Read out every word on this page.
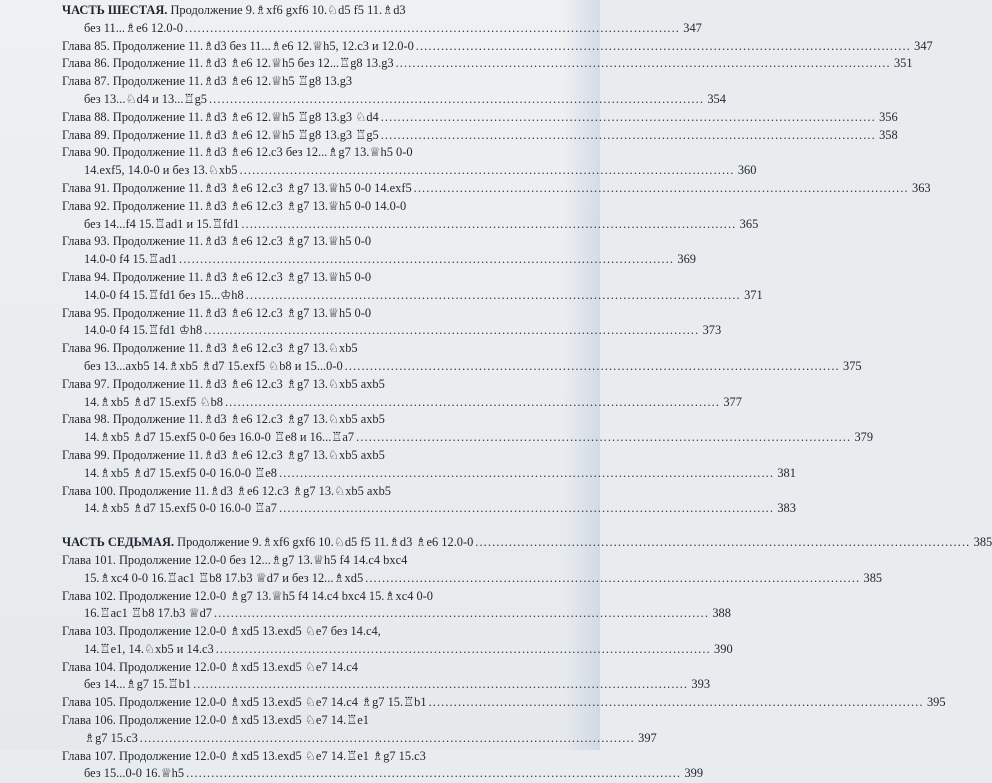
ЧАСТЬ ШЕСТАЯ. Продолжение 9.♗xf6 gxf6 10.♘d5 f5 11.♗d3
без 11...♗e6 12.0-0 . . .	347
Глава 85. Продолжение 11.♗d3 без 11...♗e6 12.♕h5, 12.c3 и 12.0-0 . . .	347
Глава 86. Продолжение 11.♗d3 ♗e6 12.♕h5 без 12...♖g8 13.g3 . . .	351
Глава 87. Продолжение 11.♗d3 ♗e6 12.♕h5 ♖g8 13.g3
без 13...♘d4 и 13...♖g5 . . .	354
Глава 88. Продолжение 11.♗d3 ♗e6 12.♕h5 ♖g8 13.g3 ♘d4 . . .	356
Глава 89. Продолжение 11.♗d3 ♗e6 12.♕h5 ♖g8 13.g3 ♖g5 . . .	358
Глава 90. Продолжение 11.♗d3 ♗e6 12.c3 без 12...♗g7 13.♕h5 0-0
14.exf5, 14.0-0 и без 13.♘xb5 . . .	360
Глава 91. Продолжение 11.♗d3 ♗e6 12.c3 ♗g7 13.♕h5 0-0 14.exf5 . . .	363
Глава 92. Продолжение 11.♗d3 ♗e6 12.c3 ♗g7 13.♕h5 0-0 14.0-0
без 14...f4 15.♖ad1 и 15.♖fd1 . . .	365
Глава 93. Продолжение 11.♗d3 ♗e6 12.c3 ♗g7 13.♕h5 0-0
14.0-0 f4 15.♖ad1 . . .	369
Глава 94. Продолжение 11.♗d3 ♗e6 12.c3 ♗g7 13.♕h5 0-0
14.0-0 f4 15.♖fd1 без 15...♔h8 . . .	371
Глава 95. Продолжение 11.♗d3 ♗e6 12.c3 ♗g7 13.♕h5 0-0
14.0-0 f4 15.♖fd1 ♔h8 . . .	373
Глава 96. Продолжение 11.♗d3 ♗e6 12.c3 ♗g7 13.♘xb5
без 13...axb5 14.♗xb5 ♗d7 15.exf5 ♘b8 и 15...0-0 . . .	375
Глава 97. Продолжение 11.♗d3 ♗e6 12.c3 ♗g7 13.♘xb5 axb5
14.♗xb5 ♗d7 15.exf5 ♘b8 . . .	377
Глава 98. Продолжение 11.♗d3 ♗e6 12.c3 ♗g7 13.♘xb5 axb5
14.♗xb5 ♗d7 15.exf5 0-0 без 16.0-0 ♖e8 и 16...♖a7 . . .	379
Глава 99. Продолжение 11.♗d3 ♗e6 12.c3 ♗g7 13.♘xb5 axb5
14.♗xb5 ♗d7 15.exf5 0-0 16.0-0 ♖e8 . . .	381
Глава 100. Продолжение 11.♗d3 ♗e6 12.c3 ♗g7 13.♘xb5 axb5
14.♗xb5 ♗d7 15.exf5 0-0 16.0-0 ♖a7 . . .	383
ЧАСТЬ СЕДЬМАЯ. Продолжение 9.♗xf6 gxf6 10.♘d5 f5 11.♗d3 ♗e6 12.0-0 . . .	385
Глава 101. Продолжение 12.0-0 без 12...♗g7 13.♕h5 f4 14.c4 bxc4
15.♗xc4 0-0 16.♖ac1 ♖b8 17.b3 ♕d7 и без 12...♗xd5 . . .	385
Глава 102. Продолжение 12.0-0 ♗g7 13.♕h5 f4 14.c4 bxc4 15.♗xc4 0-0
16.♖ac1 ♖b8 17.b3 ♕d7 . . .	388
Глава 103. Продолжение 12.0-0 ♗xd5 13.exd5 ♘e7 без 14.c4,
14.♖e1, 14.♘xb5 и 14.c3 . . .	390
Глава 104. Продолжение 12.0-0 ♗xd5 13.exd5 ♘e7 14.c4
без 14...♗g7 15.♖b1 . . .	393
Глава 105. Продолжение 12.0-0 ♗xd5 13.exd5 ♘e7 14.c4 ♗g7 15.♖b1 . . .	395
Глава 106. Продолжение 12.0-0 ♗xd5 13.exd5 ♘e7 14.♖e1
♗g7 15.c3 . . .	397
Глава 107. Продолжение 12.0-0 ♗xd5 13.exd5 ♘e7 14.♖e1 ♗g7 15.c3
без 15...0-0 16.♕h5 . . .	399
